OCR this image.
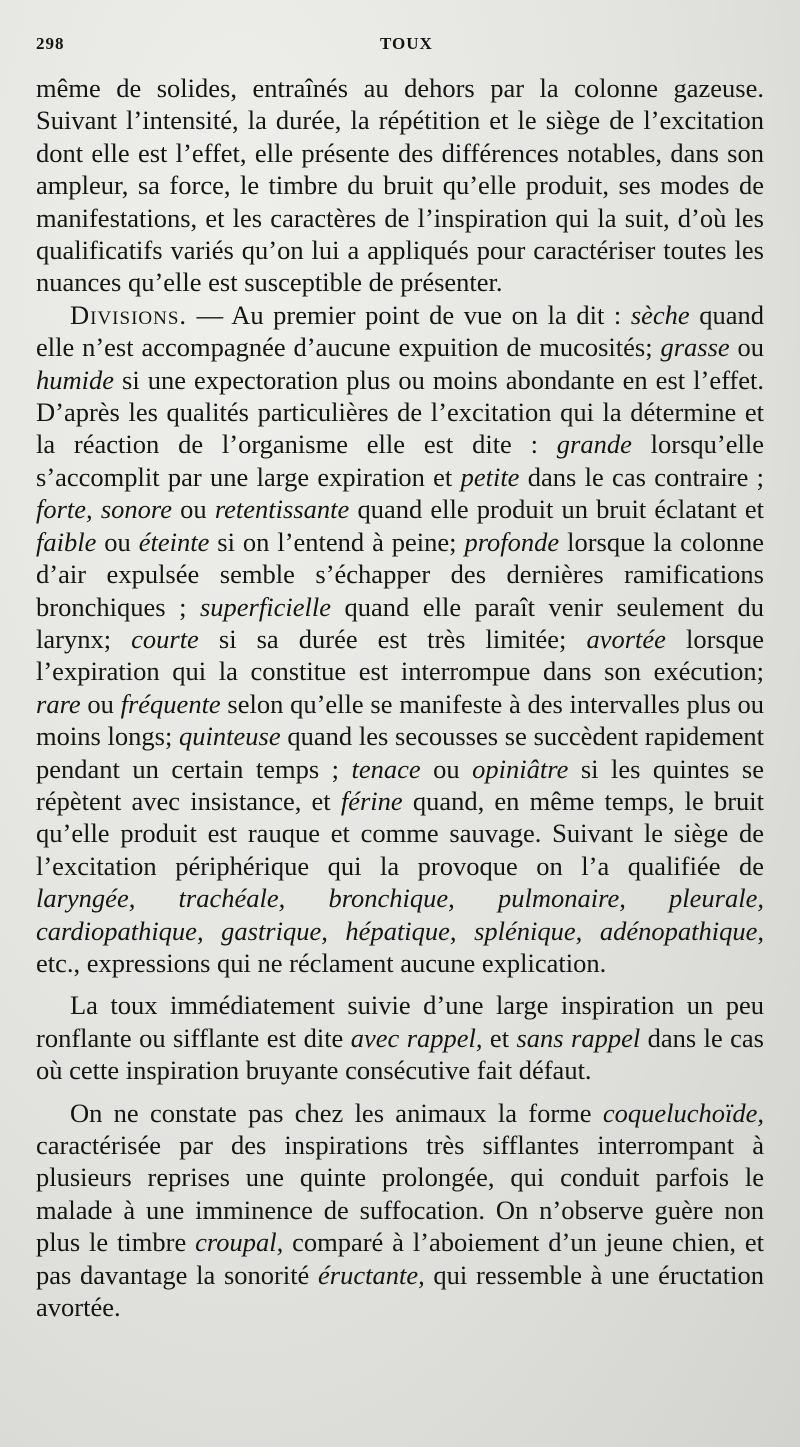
298	TOUX

même de solides, entraînés au dehors par la colonne gazeuse. Suivant l’intensité, la durée, la répétition et le siège de l’excitation dont elle est l’effet, elle présente des différences notables, dans son ampleur, sa force, le timbre du bruit qu’elle produit, ses modes de manifestations, et les caractères de l’inspiration qui la suit, d’où les qualificatifs variés qu’on lui a appliqués pour caractériser toutes les nuances qu’elle est susceptible de présenter.

Divisions. — Au premier point de vue on la dit : sèche quand elle n’est accompagnée d’aucune expuition de mucosités; grasse ou humide si une expectoration plus ou moins abondante en est l’effet. D’après les qualités particulières de l’excitation qui la détermine et la réaction de l’organisme elle est dite : grande lorsqu’elle s’accomplit par une large expiration et petite dans le cas contraire ; forte, sonore ou retentissante quand elle produit un bruit éclatant et faible ou éteinte si on l’entend à peine; profonde lorsque la colonne d’air expulsée semble s’échapper des dernières ramifications bronchiques ; superficielle quand elle paraît venir seulement du larynx; courte si sa durée est très limitée; avortée lorsque l’expiration qui la constitue est interrompue dans son exécution; rare ou fréquente selon qu’elle se manifeste à des intervalles plus ou moins longs; quinteuse quand les secousses se succèdent rapidement pendant un certain temps ; tenace ou opiniâtre si les quintes se répètent avec insistance, et férine quand, en même temps, le bruit qu’elle produit est rauque et comme sauvage. Suivant le siège de l’excitation périphérique qui la provoque on l’a qualifiée de laryngée, trachéale, bronchique, pulmonaire, pleurale, cardiopathique, gastrique, hépatique, splénique, adénopathique, etc., expressions qui ne réclament aucune explication.

La toux immédiatement suivie d’une large inspiration un peu ronflante ou sifflante est dite avec rappel, et sans rappel dans le cas où cette inspiration bruyante consécutive fait défaut.

On ne constate pas chez les animaux la forme coqueluchoïde, caractérisée par des inspirations très sifflantes interrompant à plusieurs reprises une quinte prolongée, qui conduit parfois le malade à une imminence de suffocation. On n’observe guère non plus le timbre croupal, comparé à l’aboiement d’un jeune chien, et pas davantage la sonorité éructante, qui ressemble à une éructation avortée.
